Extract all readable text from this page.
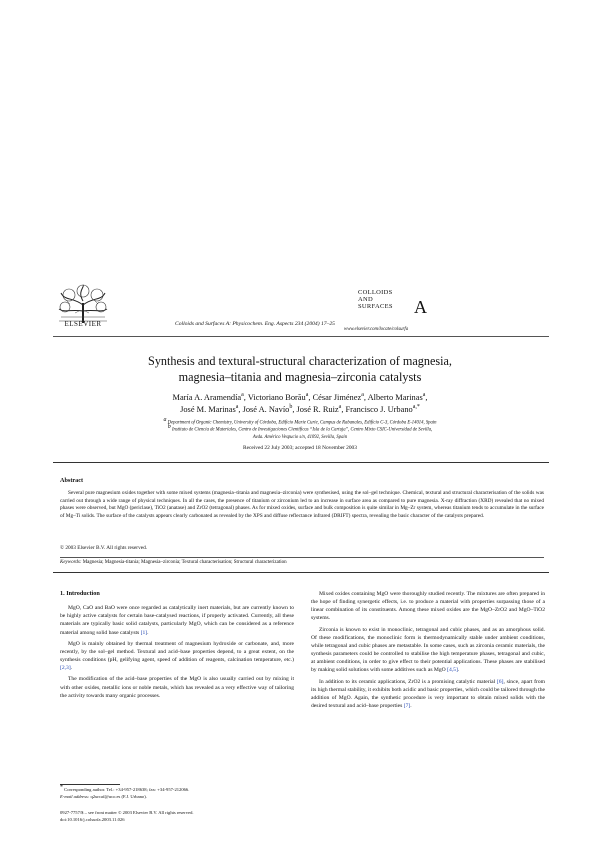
ELSEVIER	Colloids and Surfaces A: Physicochem. Eng. Aspects 234 (2004) 17–25
COLLOIDS
AND
SURFACES	A
www.elsevier.com/locate/colsurfa
Synthesis and textural-structural characterization of magnesia,
magnesia–titania and magnesia–zirconia catalysts
María A. Aramendía$^a$, Victoriano Borău$^a$, César Jiménez$^a$, Alberto Marinas$^a$,
José M. Marinas$^a$, José A. Navío$^b$, José R. Ruiz$^a$, Francisco J. Urbano$^{a,*}$
$^a$ Department of Organic Chemistry, University of Córdoba, Edificio Marie Curie, Campus de Rabanales, Edificio C-3, Córdoba E-14014, Spain
$^b$ Instituto de Ciencia de Materiales, Centro de Investigaciones Científicas “Isla de la Cartuja”, Centro Mixto CSIC-Universidad de Sevilla,
Avda. Américo Vespucio s/n, 41092, Sevilla, Spain
Received 22 July 2003; accepted 18 November 2003
Abstract
Several pure magnesium oxides together with some mixed systems (magnesia–titania and magnesia–zirconia) were synthesised, using the sol–gel technique. Chemical, textural and structural characterisation of the solids was carried out through a wide range of physical techniques. In all the cases, the presence of titanium or zirconium led to an increase in surface area as compared to pure magnesia. X-ray diffraction (XRD) revealed that no mixed phases were observed, but MgO (periclase), TiO2 (anatase) and ZrO2 (tetragonal) phases. As for mixed oxides, surface and bulk composition is quite similar in Mg–Zr system, whereas titanium tends to accumulate in the surface of Mg–Ti solids. The surface of the catalysts appears clearly carbonated as revealed by the XPS and diffuse reflectance infrared (DRIFT) spectra, revealing the basic character of the catalysts prepared.
© 2003 Elsevier B.V. All rights reserved.
Keywords: Magnesia; Magnesia-titania; Magnesia–zirconia; Textural characterisation; Structural characterization
1. Introduction

MgO, CaO and BaO were once regarded as catalytically inert materials, but are currently known to be highly active catalysts for certain base-catalysed reactions, if properly activated. Currently, all these materials are typically basic solid catalysts, particularly MgO, which can be considered as a reference material among solid base catalysts [1].

MgO is mainly obtained by thermal treatment of magnesium hydroxide or carbonate, and, more recently, by the sol–gel method. Textural and acid–base properties depend, to a great extent, on the synthesis conditions (pH, gelifying agent, speed of addition of reagents, calcination temperature, etc.) [2,3].

The modification of the acid–base properties of the MgO is also usually carried out by mixing it with other oxides, metallic ions or noble metals, which has revealed as a very effective way of tailoring the activity towards many organic processes.

* Corresponding author. Tel.: +34-957-218638; fax: +34-957-212066.
E-mail address: q2urcaf@uco.es (F.J. Urbano).
0927-7757/$ – see front matter © 2003 Elsevier B.V. All rights reserved.
doi:10.1016/j.colsurfa.2003.11.026

Mixed oxides containing MgO were thoroughly studied recently. The mixtures are often prepared in the hope of finding synergetic effects, i.e. to produce a material with properties surpassing those of a linear combination of its constituents. Among these mixed oxides are the MgO–ZrO2 and MgO–TiO2 systems.

Zirconia is known to exist in monoclinic, tetragonal and cubic phases, and as an amorphous solid. Of these modifications, the monoclinic form is thermodynamically stable under ambient conditions, while tetragonal and cubic phases are metastable. In some cases, such as zirconia ceramic materials, the synthesis parameters could be controlled to stabilise the high temperature phases, tetragonal and cubic, at ambient conditions, in order to give effect to their potential applications. These phases are stabilised by making solid solutions with some additives such as MgO [4,5].

In addition to its ceramic applications, ZrO2 is a promising catalytic material [6], since, apart from its high thermal stability, it exhibits both acidic and basic properties, which could be tailored through the addition of MgO. Again, the synthetic procedure is very important to obtain mixed solids with the desired textural and acid–base properties [7].
